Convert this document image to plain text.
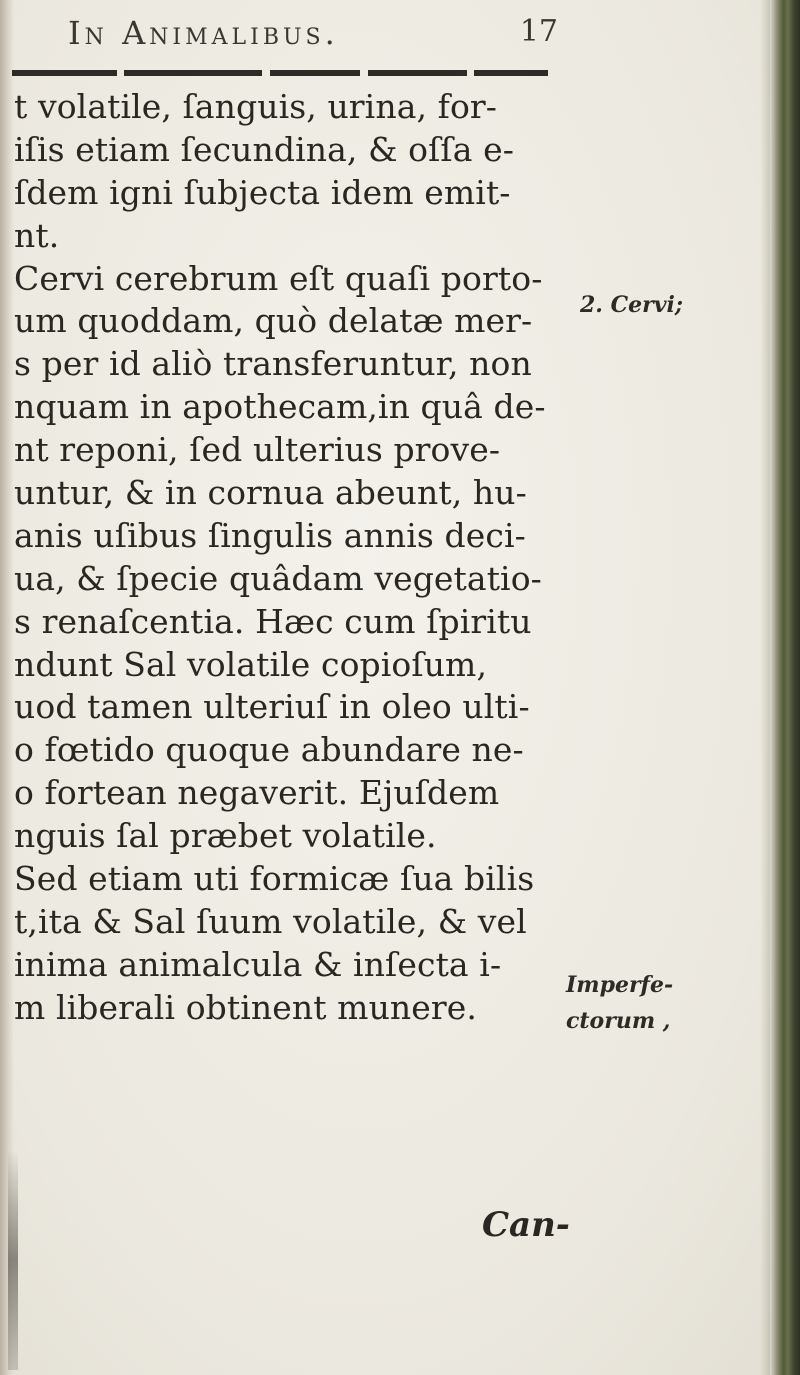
In Animalibus.	17
t volatile, ſanguis, urina, for-
iſis etiam ſecundina, & oſſa e-
ſdem igni ſubjecta idem emit-
nt.
Cervi cerebrum eſt quaſi porto-
um quoddam, quò delatæ mer-
s per id aliò transferuntur, non
nquam in apothecam,in quâ de-
nt reponi, ſed ulterius prove-
untur, & in cornua abeunt, hu-
anis uſibus ſingulis annis deci-
ua, & ſpecie quâdam vegetatio-
s renaſcentia. Hæc cum ſpiritu
ndunt Sal volatile copioſum,
uod tamen ulteriuſ in oleo ulti-
o fœtido quoque abundare ne-
o fortean negaverit. Ejuſdem
nguis ſal præbet volatile.
Sed etiam uti formicæ ſua bilis
t,ita & Sal ſuum volatile, & vel
inima animalcula & inſecta i-
m liberali obtinent munere.
2. Cervi;
Imperfe-
ctorum ,
Can-
